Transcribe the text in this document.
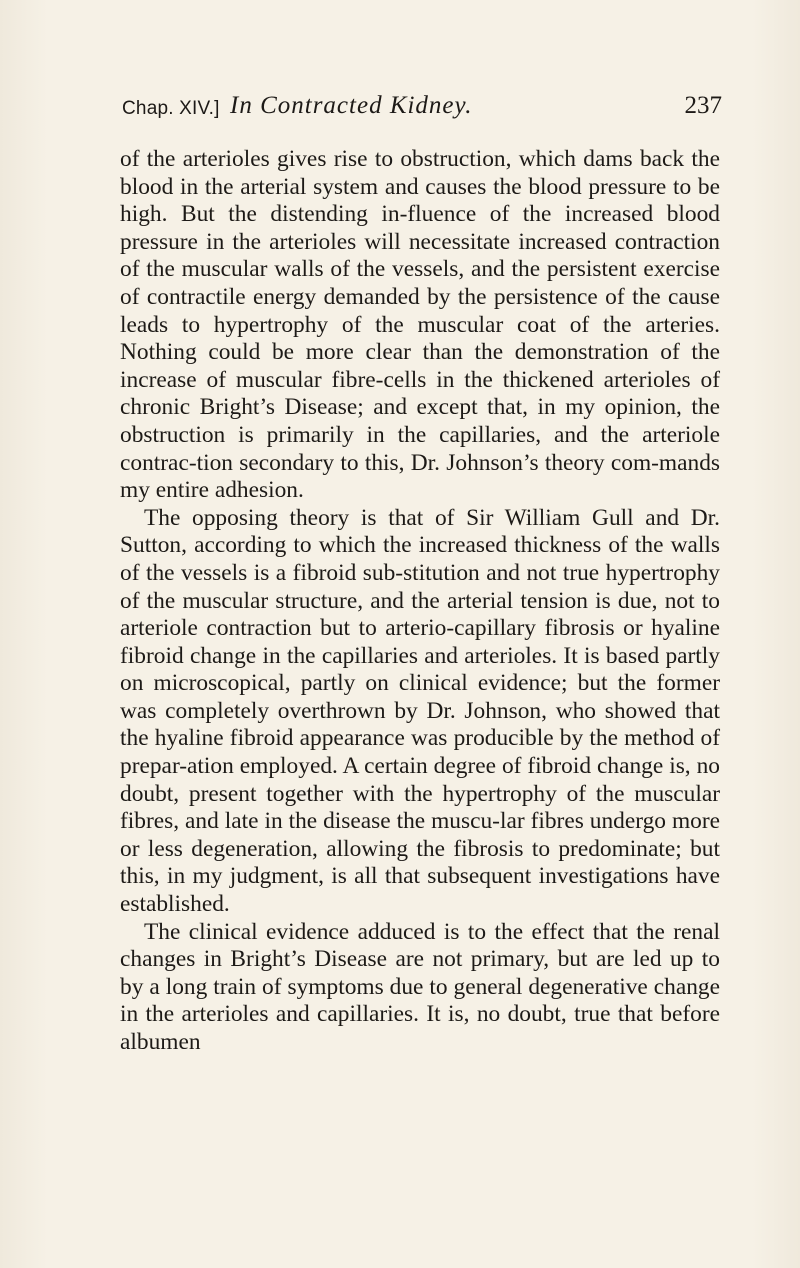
Chap. XIV.] In Contracted Kidney.	237

of the arterioles gives rise to obstruction, which dams back the blood in the arterial system and causes the blood pressure to be high. But the distending in-fluence of the increased blood pressure in the arterioles will necessitate increased contraction of the muscular walls of the vessels, and the persistent exercise of contractile energy demanded by the persistence of the cause leads to hypertrophy of the muscular coat of the arteries. Nothing could be more clear than the demonstration of the increase of muscular fibre-cells in the thickened arterioles of chronic Bright’s Disease; and except that, in my opinion, the obstruction is primarily in the capillaries, and the arteriole contrac-tion secondary to this, Dr. Johnson’s theory com-mands my entire adhesion.

The opposing theory is that of Sir William Gull and Dr. Sutton, according to which the increased thickness of the walls of the vessels is a fibroid sub-stitution and not true hypertrophy of the muscular structure, and the arterial tension is due, not to arteriole contraction but to arterio-capillary fibrosis or hyaline fibroid change in the capillaries and arterioles. It is based partly on microscopical, partly on clinical evidence; but the former was completely overthrown by Dr. Johnson, who showed that the hyaline fibroid appearance was producible by the method of prepar-ation employed. A certain degree of fibroid change is, no doubt, present together with the hypertrophy of the muscular fibres, and late in the disease the muscu-lar fibres undergo more or less degeneration, allowing the fibrosis to predominate; but this, in my judgment, is all that subsequent investigations have established.

The clinical evidence adduced is to the effect that the renal changes in Bright’s Disease are not primary, but are led up to by a long train of symptoms due to general degenerative change in the arterioles and capillaries. It is, no doubt, true that before albumen
